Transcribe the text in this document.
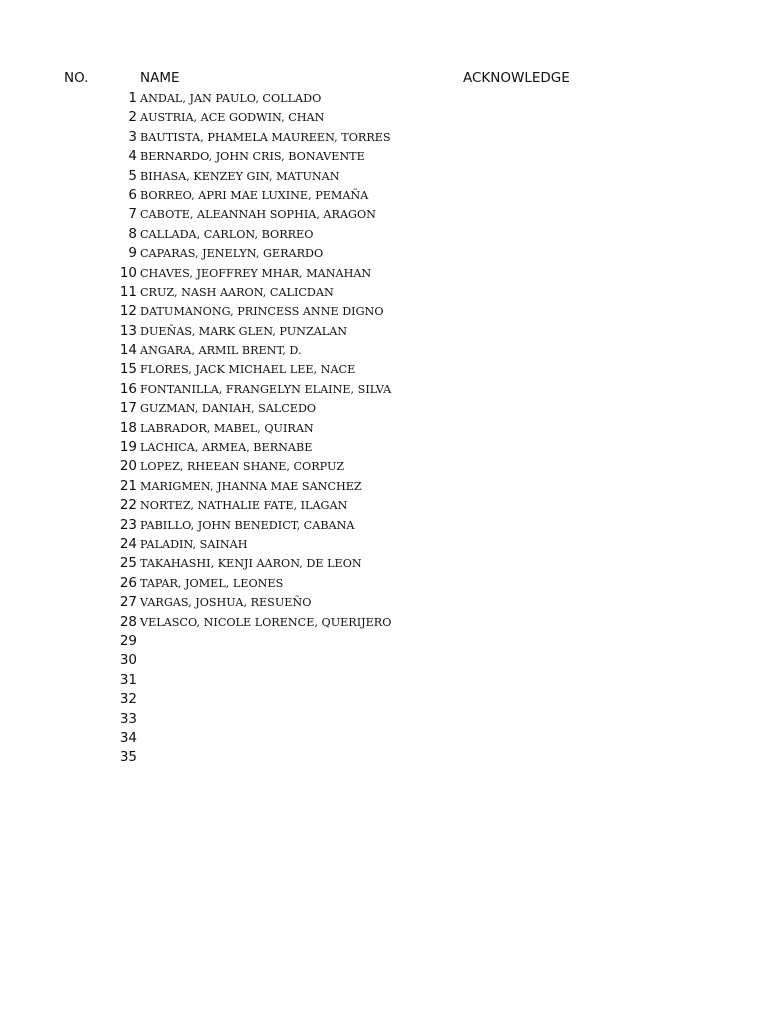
NO.	NAME	ACKNOWLEDGE
1 ANDAL, JAN PAULO, COLLADO
2 AUSTRIA, ACE GODWIN, CHAN
3 BAUTISTA, PHAMELA MAUREEN, TORRES
4 BERNARDO, JOHN CRIS, BONAVENTE
5 BIHASA, KENZEY GIN, MATUNAN
6 BORREO, APRI MAE LUXINE, PEMAÑA
7 CABOTE, ALEANNAH SOPHIA, ARAGON
8 CALLADA, CARLON, BORREO
9 CAPARAS, JENELYN, GERARDO
10 CHAVES, JEOFFREY MHAR, MANAHAN
11 CRUZ, NASH AARON, CALICDAN
12 DATUMANONG, PRINCESS ANNE DIGNO
13 DUEÑAS, MARK GLEN, PUNZALAN
14 ANGARA, ARMIL BRENT, D.
15 FLORES, JACK MICHAEL LEE, NACE
16 FONTANILLA, FRANGELYN ELAINE, SILVA
17 GUZMAN, DANIAH, SALCEDO
18 LABRADOR, MABEL, QUIRAN
19 LACHICA, ARMEA, BERNABE
20 LOPEZ, RHEEAN SHANE, CORPUZ
21 MARIGMEN, JHANNA MAE SANCHEZ
22 NORTEZ, NATHALIE FATE, ILAGAN
23 PABILLO, JOHN BENEDICT, CABANA
24 PALADIN, SAINAH
25 TAKAHASHI, KENJI AARON, DE LEON
26 TAPAR, JOMEL, LEONES
27 VARGAS, JOSHUA, RESUEÑO
28 VELASCO, NICOLE LORENCE, QUERIJERO
29
30
31
32
33
34
35
